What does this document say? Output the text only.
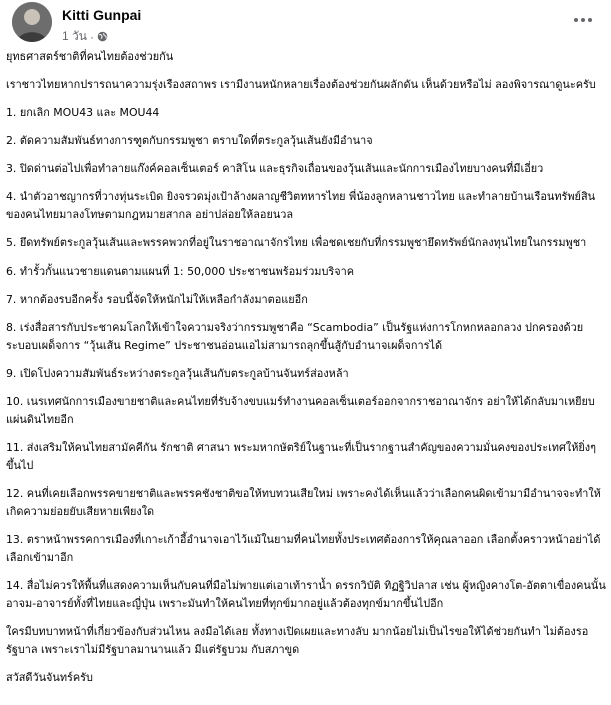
Kitti Gunpai
1 วัน ·

ยุทธศาสตร์ชาติที่คนไทยต้องช่วยกัน

เราชาวไทยหากปรารถนาความรุ่งเรืองสถาพร เรามีงานหนักหลายเรื่องต้องช่วยกันผลักดัน เห็นด้วยหรือไม่ ลองพิจารณาดูนะครับ

1. ยกเลิก MOU43 และ MOU44

2. ตัดความสัมพันธ์ทางการฑูตกับกรรมพูชา ตราบใดที่ตระกูลวุ้นเส้นยังมีอำนาจ

3. ปิดด่านต่อไปเพื่อทำลายแก๊งค์คอลเซ็นเตอร์ คาสิโน และธุรกิจเถื่อนของวุ้นเส้นและนักการเมืองไทยบางคนที่มีเอี่ยว

4. นำตัวอาชญากรที่วางทุ่นระเบิด ยิงจรวดมุ่งเป้าล้างผลาญชีวิตทหารไทย พี่น้องลูกหลานชาวไทย และทำลายบ้านเรือนทรัพย์สินของคนไทยมาลงโทษตามกฎหมายสากล อย่าปล่อยให้ลอยนวล

5. ยึดทรัพย์ตระกูลวุ้นเส้นและพรรคพวกที่อยู่ในราชอาณาจักรไทย เพื่อชดเชยกับที่กรรมพูชายึดทรัพย์นักลงทุนไทยในกรรมพูชา

6. ทำรั้วกั้นแนวชายแดนตามแผนที่ 1: 50,000 ประชาชนพร้อมร่วมบริจาค

7. หากต้องรบอีกครั้ง รอบนี้จัดให้หนักไม่ให้เหลือกำลังมาตอแยอีก

8. เร่งสื่อสารกับประชาคมโลกให้เข้าใจความจริงว่ากรรมพูชาคือ “Scambodia” เป็นรัฐแห่งการโกหกหลอกลวง ปกครองด้วยระบอบเผด็จการ “วุ้นเส้น Regime” ประชาชนอ่อนแอไม่สามารถลุกขึ้นสู้กับอำนาจเผด็จการได้

9. เปิดโปงความสัมพันธ์ระหว่างตระกูลวุ้นเส้นกับตระกูลบ้านจันทร์ส่องหล้า

10. เนรเทศนักการเมืองขายชาติและคนไทยที่รับจ้างขบแมร์ทำงานคอลเซ็นเตอร์ออกจากราชอาณาจักร อย่าให้ได้กลับมาเหยียบแผ่นดินไทยอีก

11. ส่งเสริมให้คนไทยสามัคคีกัน รักชาติ ศาสนา พระมหากษัตริย์ในฐานะที่เป็นรากฐานสำคัญของความมั่นคงของประเทศให้ยิ่งๆ ขึ้นไป

12. คนที่เคยเลือกพรรคขายชาติและพรรคชังชาติขอให้ทบทวนเสียใหม่ เพราะคงได้เห็นแล้วว่าเลือกคนผิดเข้ามามีอำนาจจะทำให้เกิดความย่อยยับเสียหายเพียงใด

13. ตราหน้าพรรคการเมืองที่เกาะเก้าอี้อำนาจเอาไว้แม้ในยามที่คนไทยทั้งประเทศต้องการให้คุณลาออก เลือกตั้งคราวหน้าอย่าได้เลือกเข้ามาอีก

14. สื่อไม่ควรให้พื้นที่แสดงความเห็นกับคนที่มือไม่พายแต่เอาเท้าราน้ำ ดรรกวิบัติ ทิฏฐิวิปลาส เช่น ผู้หญิงคางโต-อัตตาเขื่องคนนั้น อาจม-อาจารย์ทั้งที่ไทยและญี่ปุ่น เพราะมันทำให้คนไทยที่ทุกข์มากอยู่แล้วต้องทุกข์มากขึ้นไปอีก

ใครมีบทบาทหน้าที่เกี่ยวข้องกับส่วนไหน ลงมือได้เลย ทั้งทางเปิดเผยและทางลับ มากน้อยไม่เป็นไรขอให้ได้ช่วยกันทำ ไม่ต้องรอรัฐบาล เพราะเราไม่มีรัฐบาลมานานแล้ว มีแต่รัฐบวม กับสภาขูด

สวัสดีวันจันทร์ครับ
